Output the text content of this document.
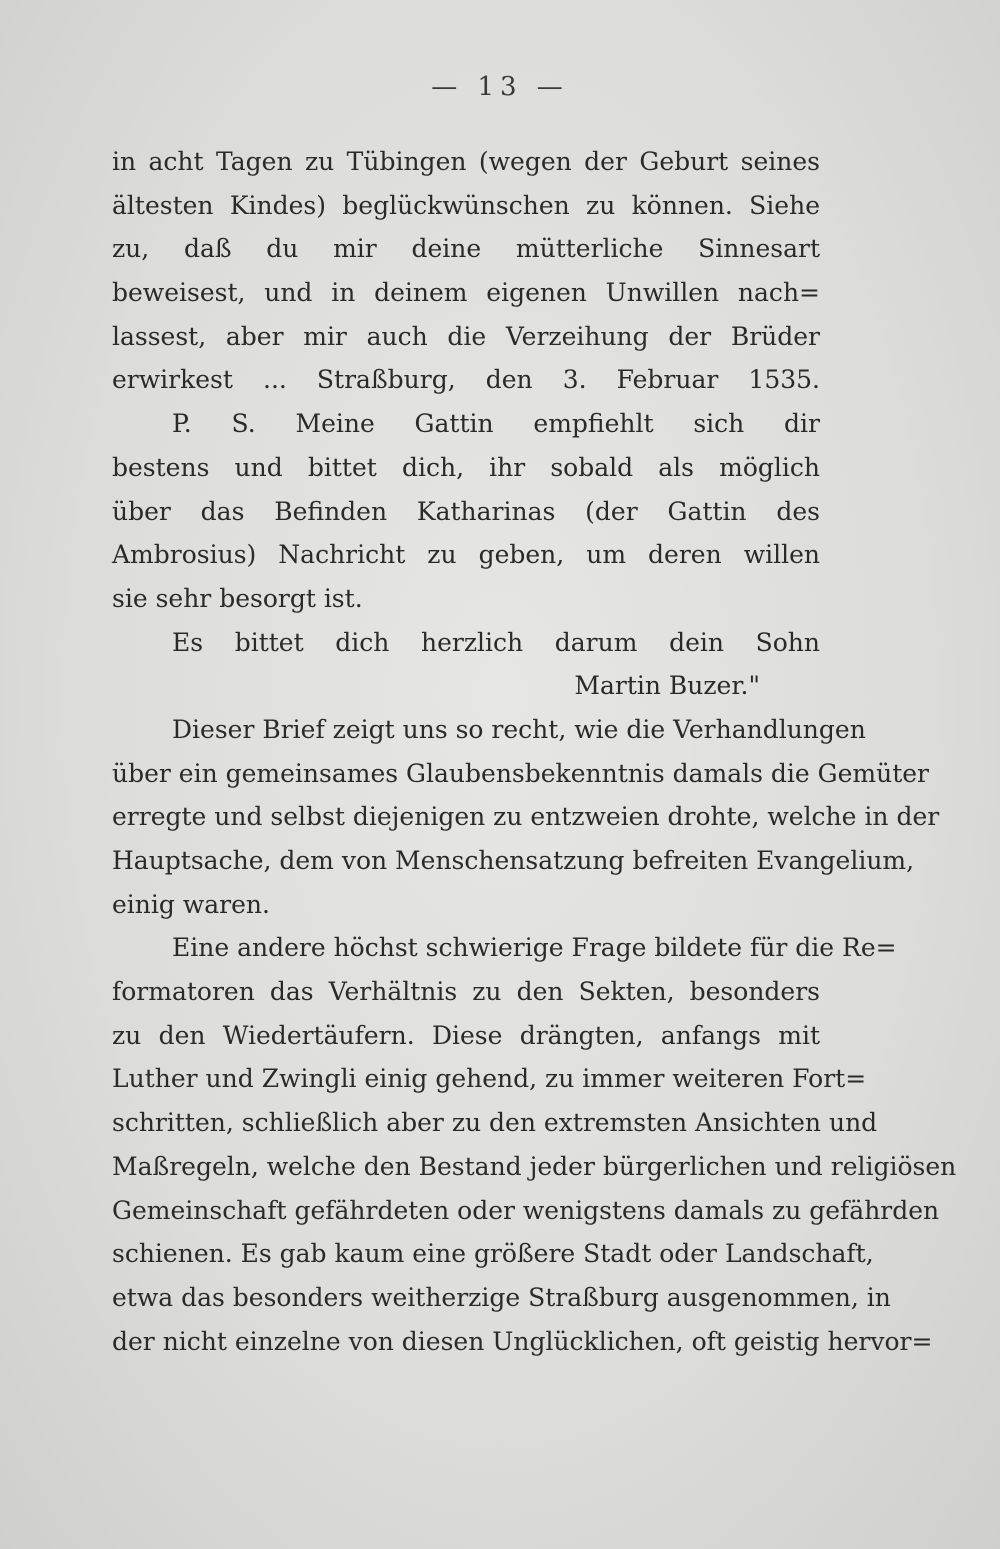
— 13 —
in acht Tagen zu Tübingen (wegen der Geburt seines
ältesten Kindes) beglückwünschen zu können. Siehe
zu, daß du mir deine mütterliche Sinnesart
beweisest, und in deinem eigenen Unwillen nach=
lassest, aber mir auch die Verzeihung der Brüder
erwirkest ... Straßburg, den 3. Februar 1535.
P. S. Meine Gattin empfiehlt sich dir
bestens und bittet dich, ihr sobald als möglich
über das Befinden Katharinas (der Gattin des
Ambrosius) Nachricht zu geben, um deren willen
sie sehr besorgt ist.
Es bittet dich herzlich darum dein Sohn
Martin Buzer."
Dieser Brief zeigt uns so recht, wie die Verhandlungen
über ein gemeinsames Glaubensbekenntnis damals die Gemüter
erregte und selbst diejenigen zu entzweien drohte, welche in der
Hauptsache, dem von Menschensatzung befreiten Evangelium,
einig waren.
Eine andere höchst schwierige Frage bildete für die Re=
formatoren das Verhältnis zu den Sekten, besonders
zu den Wiedertäufern. Diese drängten, anfangs mit
Luther und Zwingli einig gehend, zu immer weiteren Fort=
schritten, schließlich aber zu den extremsten Ansichten und
Maßregeln, welche den Bestand jeder bürgerlichen und religiösen
Gemeinschaft gefährdeten oder wenigstens damals zu gefährden
schienen. Es gab kaum eine größere Stadt oder Landschaft,
etwa das besonders weitherzige Straßburg ausgenommen, in
der nicht einzelne von diesen Unglücklichen, oft geistig hervor=
